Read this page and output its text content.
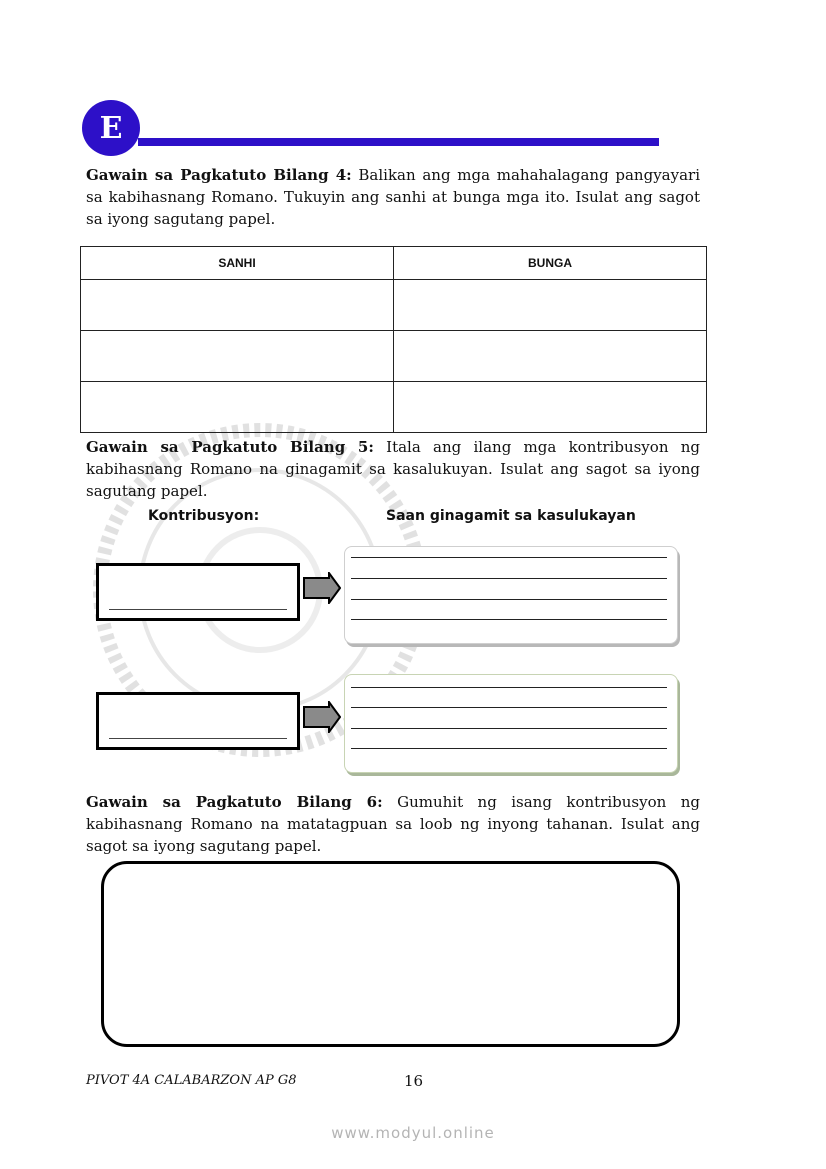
E
Gawain sa Pagkatuto Bilang 4: Balikan ang mga mahahalagang pangyayari sa kabihasnang Romano. Tukuyin ang sanhi at bunga mga ito. Isulat ang sagot sa iyong sagutang papel.
SANHI	BUNGA

Gawain sa Pagkatuto Bilang 5: Itala ang ilang mga kontribusyon ng kabihasnang Romano na ginagamit sa kasalukuyan. Isulat ang sagot sa iyong sagutang papel.
Kontribusyon:	Saan ginagamit sa kasulukayan
Gawain sa Pagkatuto Bilang 6: Gumuhit ng isang kontribusyon ng kabihasnang Romano na matatagpuan sa loob ng inyong tahanan. Isulat ang sagot sa iyong sagutang papel.
PIVOT 4A CALABARZON AP G8	16
www.modyul.online
